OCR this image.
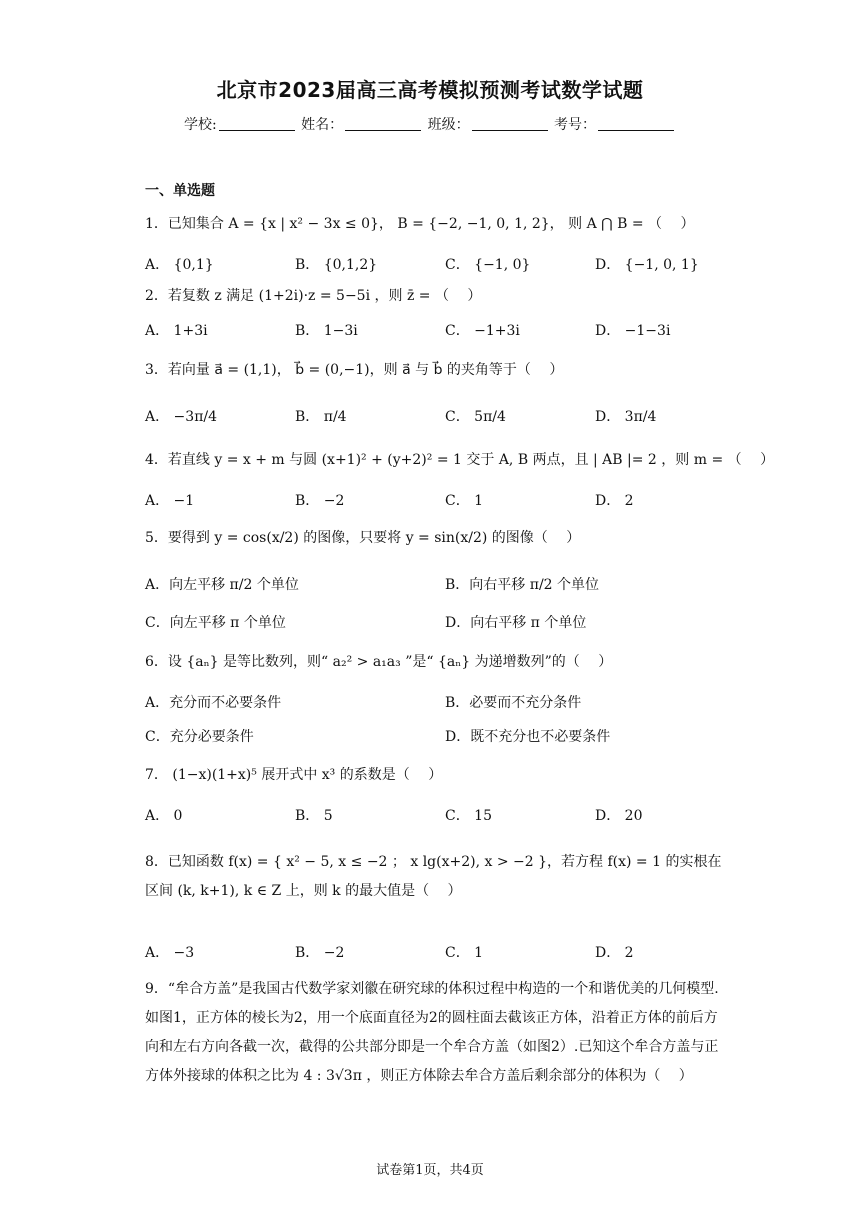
北京市2023届高三高考模拟预测考试数学试题
学校:	姓名：	班级：	考号：
一、单选题
1．已知集合 A = {x | x² − 3x ≤ 0}， B = {−2, −1, 0, 1, 2}， 则 A ⋂ B = （　 ）
A． {0,1}	B． {0,1,2}	C． {−1, 0}	D． {−1, 0, 1}
2．若复数 z 满足 (1+2i)·z = 5−5i ，则 z̄ = （　 ）
A． 1+3i	B． 1−3i	C． −1+3i	D． −1−3i
3．若向量 a⃗ = (1,1)， b⃗ = (0,−1)，则 a⃗ 与 b⃗ 的夹角等于（　 ）
A． −3π/4	B． π/4	C． 5π/4	D． 3π/4
4．若直线 y = x + m 与圆 (x+1)² + (y+2)² = 1 交于 A, B 两点，且 | AB |= 2 ，则 m = （　 ）
A． −1	B． −2	C． 1	D． 2
5．要得到 y = cos(x/2) 的图像，只要将 y = sin(x/2) 的图像（　 ）
A．向左平移 π/2 个单位	B．向右平移 π/2 个单位
C．向左平移 π 个单位	D．向右平移 π 个单位
6．设 {aₙ} 是等比数列，则“ a₂² > a₁a₃ ”是“ {aₙ} 为递增数列”的（　 ）
A．充分而不必要条件	B．必要而不充分条件
C．充分必要条件	D．既不充分也不必要条件
7． (1−x)(1+x)⁵ 展开式中 x³ 的系数是（　 ）
A． 0	B． 5	C． 15	D． 20
8．已知函数 f(x) = { x² − 5, x ≤ −2 ； x lg(x+2), x > −2 }，若方程 f(x) = 1 的实根在区间 (k, k+1), k ∈ Z 上，则 k 的最大值是（　 ）
A． −3	B． −2	C． 1	D． 2
9．“牟合方盖”是我国古代数学家刘徽在研究球的体积过程中构造的一个和谐优美的几何模型.如图1，正方体的棱长为2，用一个底面直径为2的圆柱面去截该正方体，沿着正方体的前后方向和左右方向各截一次，截得的公共部分即是一个牟合方盖（如图2）.已知这个牟合方盖与正方体外接球的体积之比为 4 : 3√3π ，则正方体除去牟合方盖后剩余部分的体积为（　 ）
试卷第1页，共4页
